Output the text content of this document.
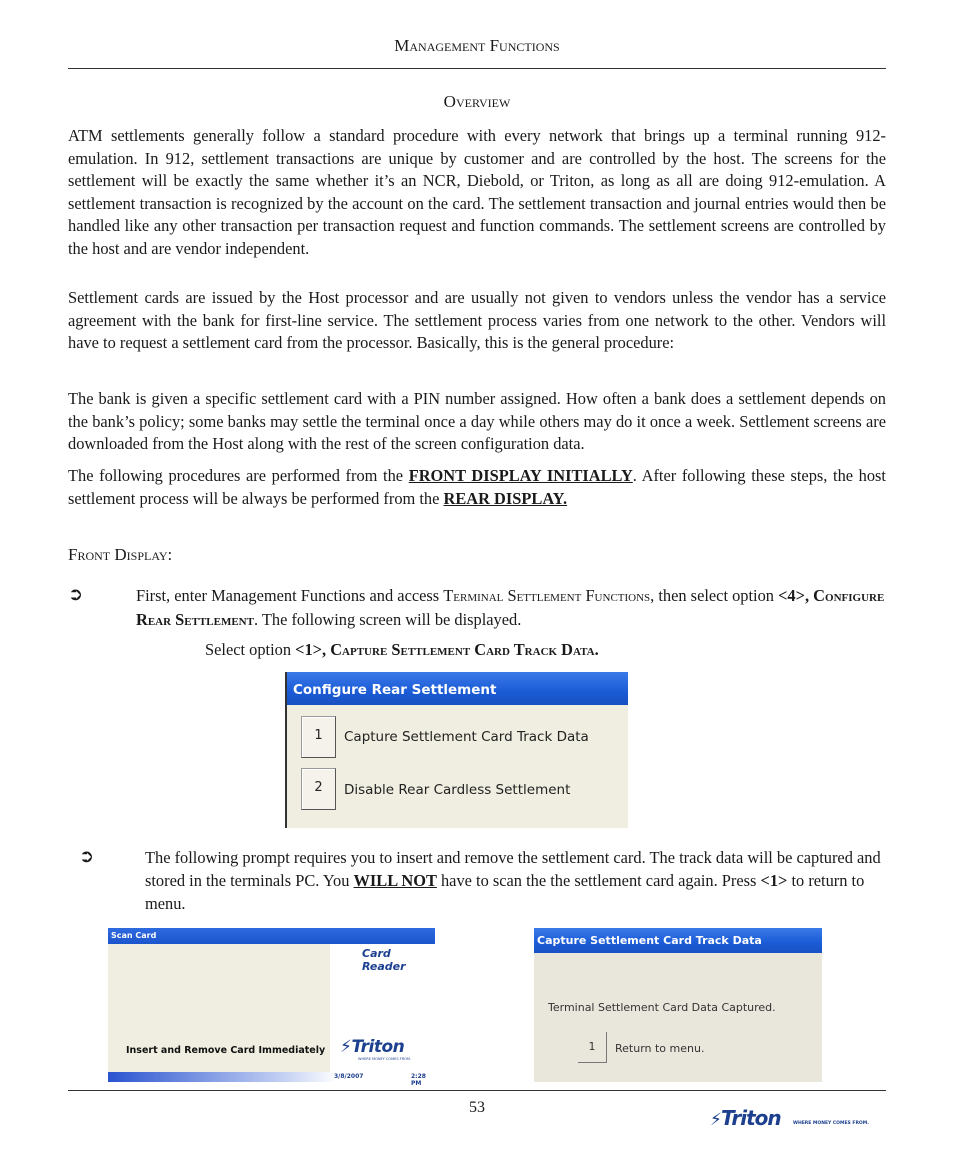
Management Functions
Overview
ATM settlements generally follow a standard procedure with every network that brings up a terminal running 912-emulation. In 912, settlement transactions are unique by customer and are controlled by the host. The screens for the settlement will be exactly the same whether it’s an NCR, Diebold, or Triton, as long as all are doing 912-emulation. A settlement transaction is recognized by the account on the card. The settlement transaction and journal entries would then be handled like any other transaction per transaction request and function commands. The settlement screens are controlled by the host and are vendor independent.
Settlement cards are issued by the Host processor and are usually not given to vendors unless the vendor has a service agreement with the bank for first-line service. The settlement process varies from one network to the other. Vendors will have to request a settlement card from the processor. Basically, this is the general procedure:
The bank is given a specific settlement card with a PIN number assigned. How often a bank does a settlement depends on the bank’s policy; some banks may settle the terminal once a day while others may do it once a week. Settlement screens are downloaded from the Host along with the rest of the screen configuration data.
The following procedures are performed from the FRONT DISPLAY INITIALLY. After following these steps, the host settlement process will be always be performed from the REAR DISPLAY.
Front Display:
➲	First, enter Management Functions and access Terminal Settlement Functions, then select option <4>, Configure Rear Settlement. The following screen will be displayed.
Select option <1>, Capture Settlement Card Track Data.
Configure Rear Settlement
1	Capture Settlement Card Track Data
2	Disable Rear Cardless Settlement
➲	The following prompt requires you to insert and remove the settlement card. The track data will be captured and stored in the terminals PC. You WILL NOT have to scan the the settlement card again. Press <1> to return to menu.
Scan Card
Card Reader
Insert and Remove Card Immediately ⚡Triton
WHERE MONEY COMES FROM.
3/8/2007	2:28 PM
Capture Settlement Card Track Data
Terminal Settlement Card Data Captured.
1	Return to menu.
53
⚡Triton	WHERE MONEY COMES FROM.
